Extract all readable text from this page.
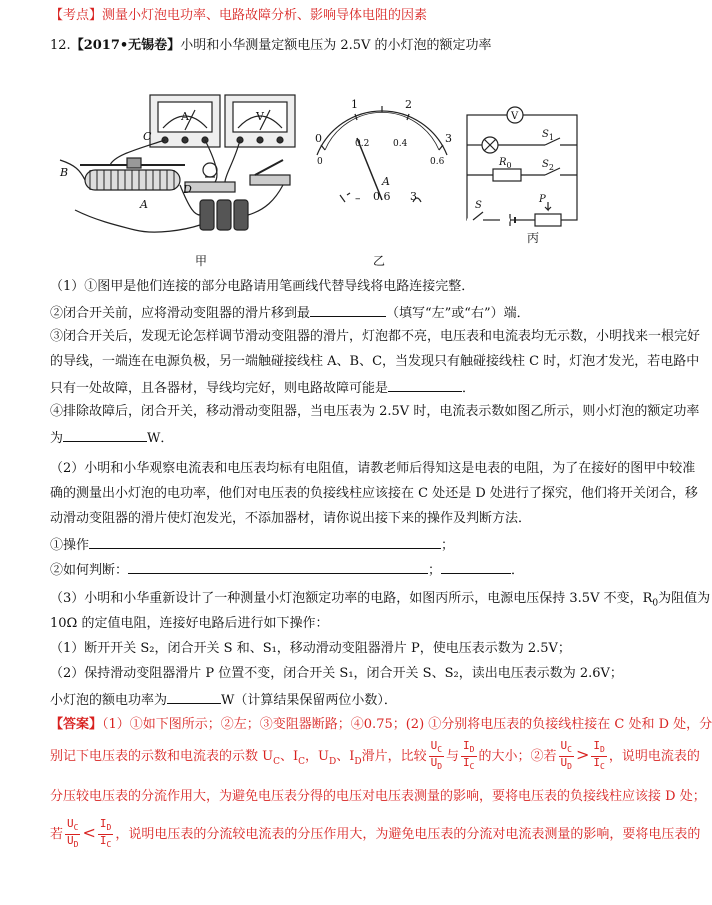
【考点】测量小灯泡电功率、电路故障分析、影响导体电阻的因素
12.【2017•无锡卷】小明和小华测量定额电压为 2.5V 的小灯泡的额定功率
A	V
B
C
D
A
甲
0
1	2
3
0
0.2	0.4
0.6
–
A
0.6 3
乙
V
$S_1$
$R_0$	$S_2$
S
P
丙
（1）①图甲是他们连接的部分电路请用笔画线代替导线将电路连接完整．
②闭合开关前，应将滑动变阻器的滑片移到最	（填写“左”或“右”）端．
③闭合开关后，发现无论怎样调节滑动变阻器的滑片，灯泡都不亮，电压表和电流表均无示数，小明找来一根完好
的导线，一端连在电源负极，另一端触碰接线柱 A、B、C，当发现只有触碰接线柱 C 时，灯泡才发光，若电路中
只有一处故障，且各器材，导线均完好，则电路故障可能是	．
④排除故障后，闭合开关，移动滑动变阻器，当电压表为 2.5V 时，电流表示数如图乙所示，则小灯泡的额定功率
为	W．
（2）小明和小华观察电流表和电压表均标有电阻值，请教老师后得知这是电表的电阻，为了在接好的图甲中较准
确的测量出小灯泡的电功率，他们对电压表的负接线柱应该接在 C 处还是 D 处进行了探究，他们将开关闭合，移
动滑动变阻器的滑片使灯泡发光，不添加器材，请你说出接下来的操作及判断方法．
①操作	；
②如何判断：	；	．
（3）小明和小华重新设计了一种测量小灯泡额定功率的电路，如图丙所示，电源电压保持 3.5V 不变，$R_0$为阻值为
10Ω 的定值电阻，连接好电路后进行如下操作：
（1）断开开关 S₂，闭合开关 S 和、S₁，移动滑动变阻器滑片 P，使电压表示数为 2.5V；
（2）保持滑动变阻器滑片 P 位置不变，闭合开关 S₁，闭合开关 S、S₂，读出电压表示数为 2.6V；
小灯泡的额电功率为	W（计算结果保留两位小数）．
【答案】（1）①如下图所示；②左；③变阻器断路；④0.75；(2) ①分别将电压表的负接线柱接在 C 处和 D 处，分
别记下电压表的示数和电流表的示数 $U_C$、$I_C$，$U_D$、$I_D$滑片，比较 $\frac{U_C}{U_D}$ 与 $\frac{I_D}{I_C}$ 的大小；②若 $\frac{U_C}{U_D} > \frac{I_D}{I_C}$ ，说明电流表的
分压较电压表的分流作用大，为避免电压表分得的电压对电压表测量的影响，要将电压表的负接线柱应该接 D 处；
若 $\frac{U_C}{U_D} < \frac{I_D}{I_C}$ ，说明电压表的分流较电流表的分压作用大，为避免电压表的分流对电流表测量的影响，要将电压表的
